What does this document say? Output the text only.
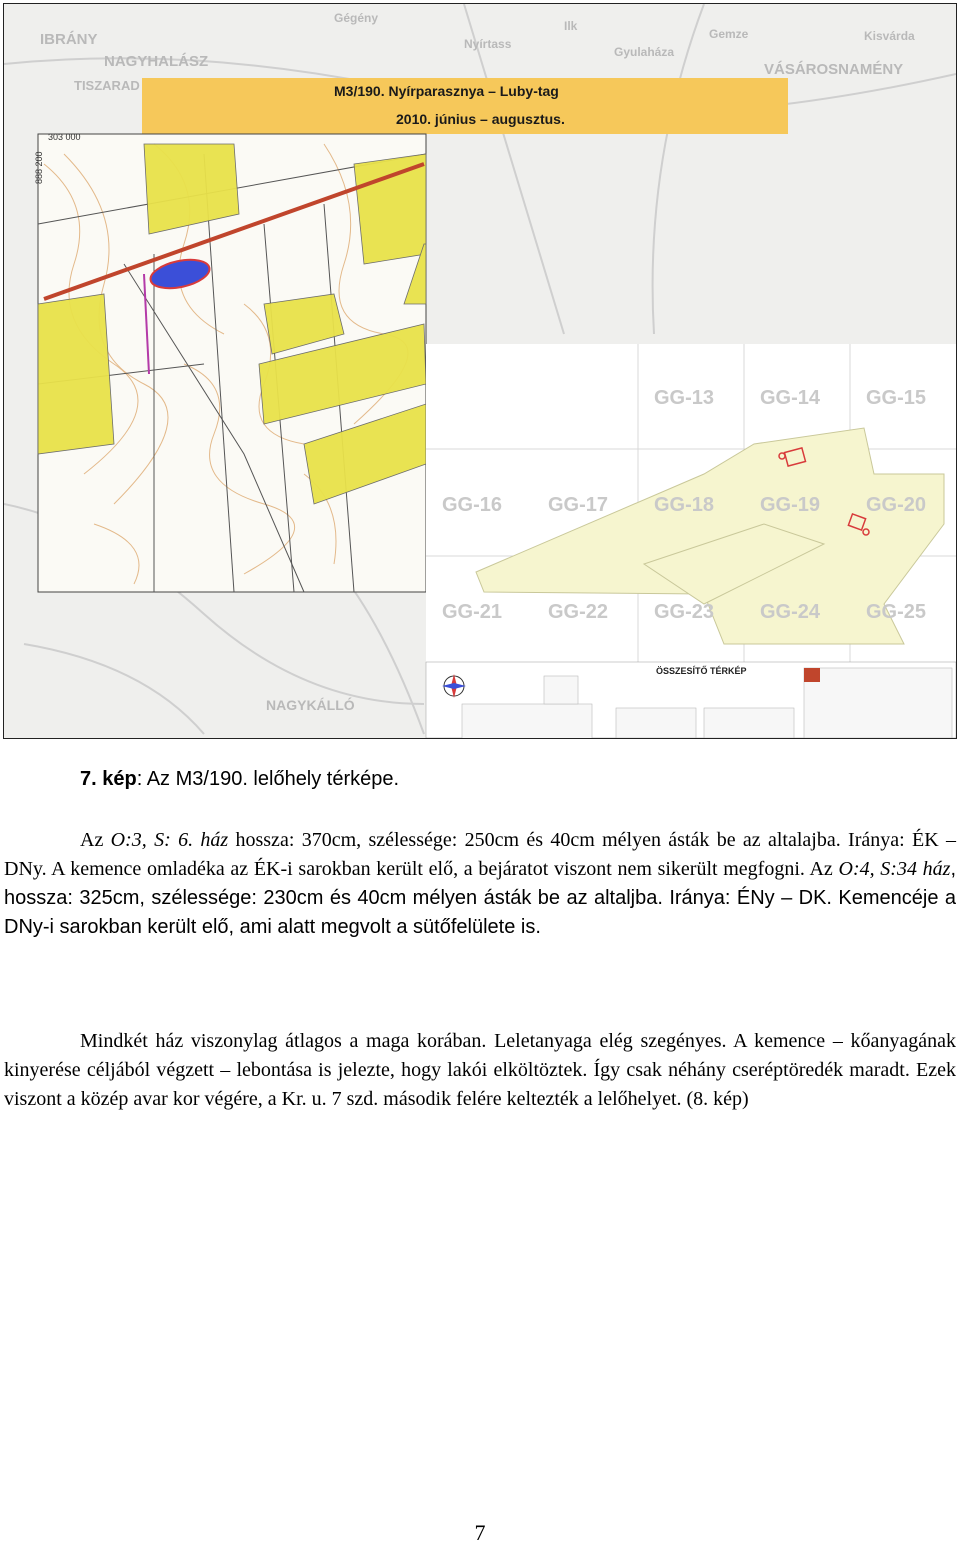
IBRÁNY
NAGYHALÁSZ
TISZARAD
Gyulaháza
VÁSÁROSNAMÉNY
NAGYKÁLLÓ
Gégény
Nyírtass
Gemze
Ilk
Kisvárda
M3/190. Nyírparasznya – Luby-tag
2010. június – augusztus.
303 000
888 200
GG-13 GG-14 GG-15
GG-16 GG-17 GG-18 GG-19 GG-20
GG-21 GG-22 GG-23 GG-24 GG-25
ÖSSZESÍTŐ TÉRKÉP
7. kép: Az M3/190. lelőhely térképe.

Az O:3, S: 6. ház hossza: 370cm, szélessége: 250cm és 40cm mélyen ásták be az altalajba. Iránya: ÉK – DNy. A kemence omladéka az ÉK-i sarokban került elő, a bejáratot viszont nem sikerült megfogni. Az O:4, S:34 ház, hossza: 325cm, szélessége: 230cm és 40cm mélyen ásták be az altaljba. Iránya: ÉNy – DK. Kemencéje a DNy-i sarokban került elő, ami alatt megvolt a sütőfelülete is.

Mindkét ház viszonylag átlagos a maga korában. Leletanyaga elég szegényes. A kemence – kőanyagának kinyerése céljából végzett – lebontása is jelezte, hogy lakói elköltöztek. Így csak néhány cseréptöredék maradt. Ezek viszont a közép avar kor végére, a Kr. u. 7 szd. második felére keltezték a lelőhelyet. (8. kép)

7
